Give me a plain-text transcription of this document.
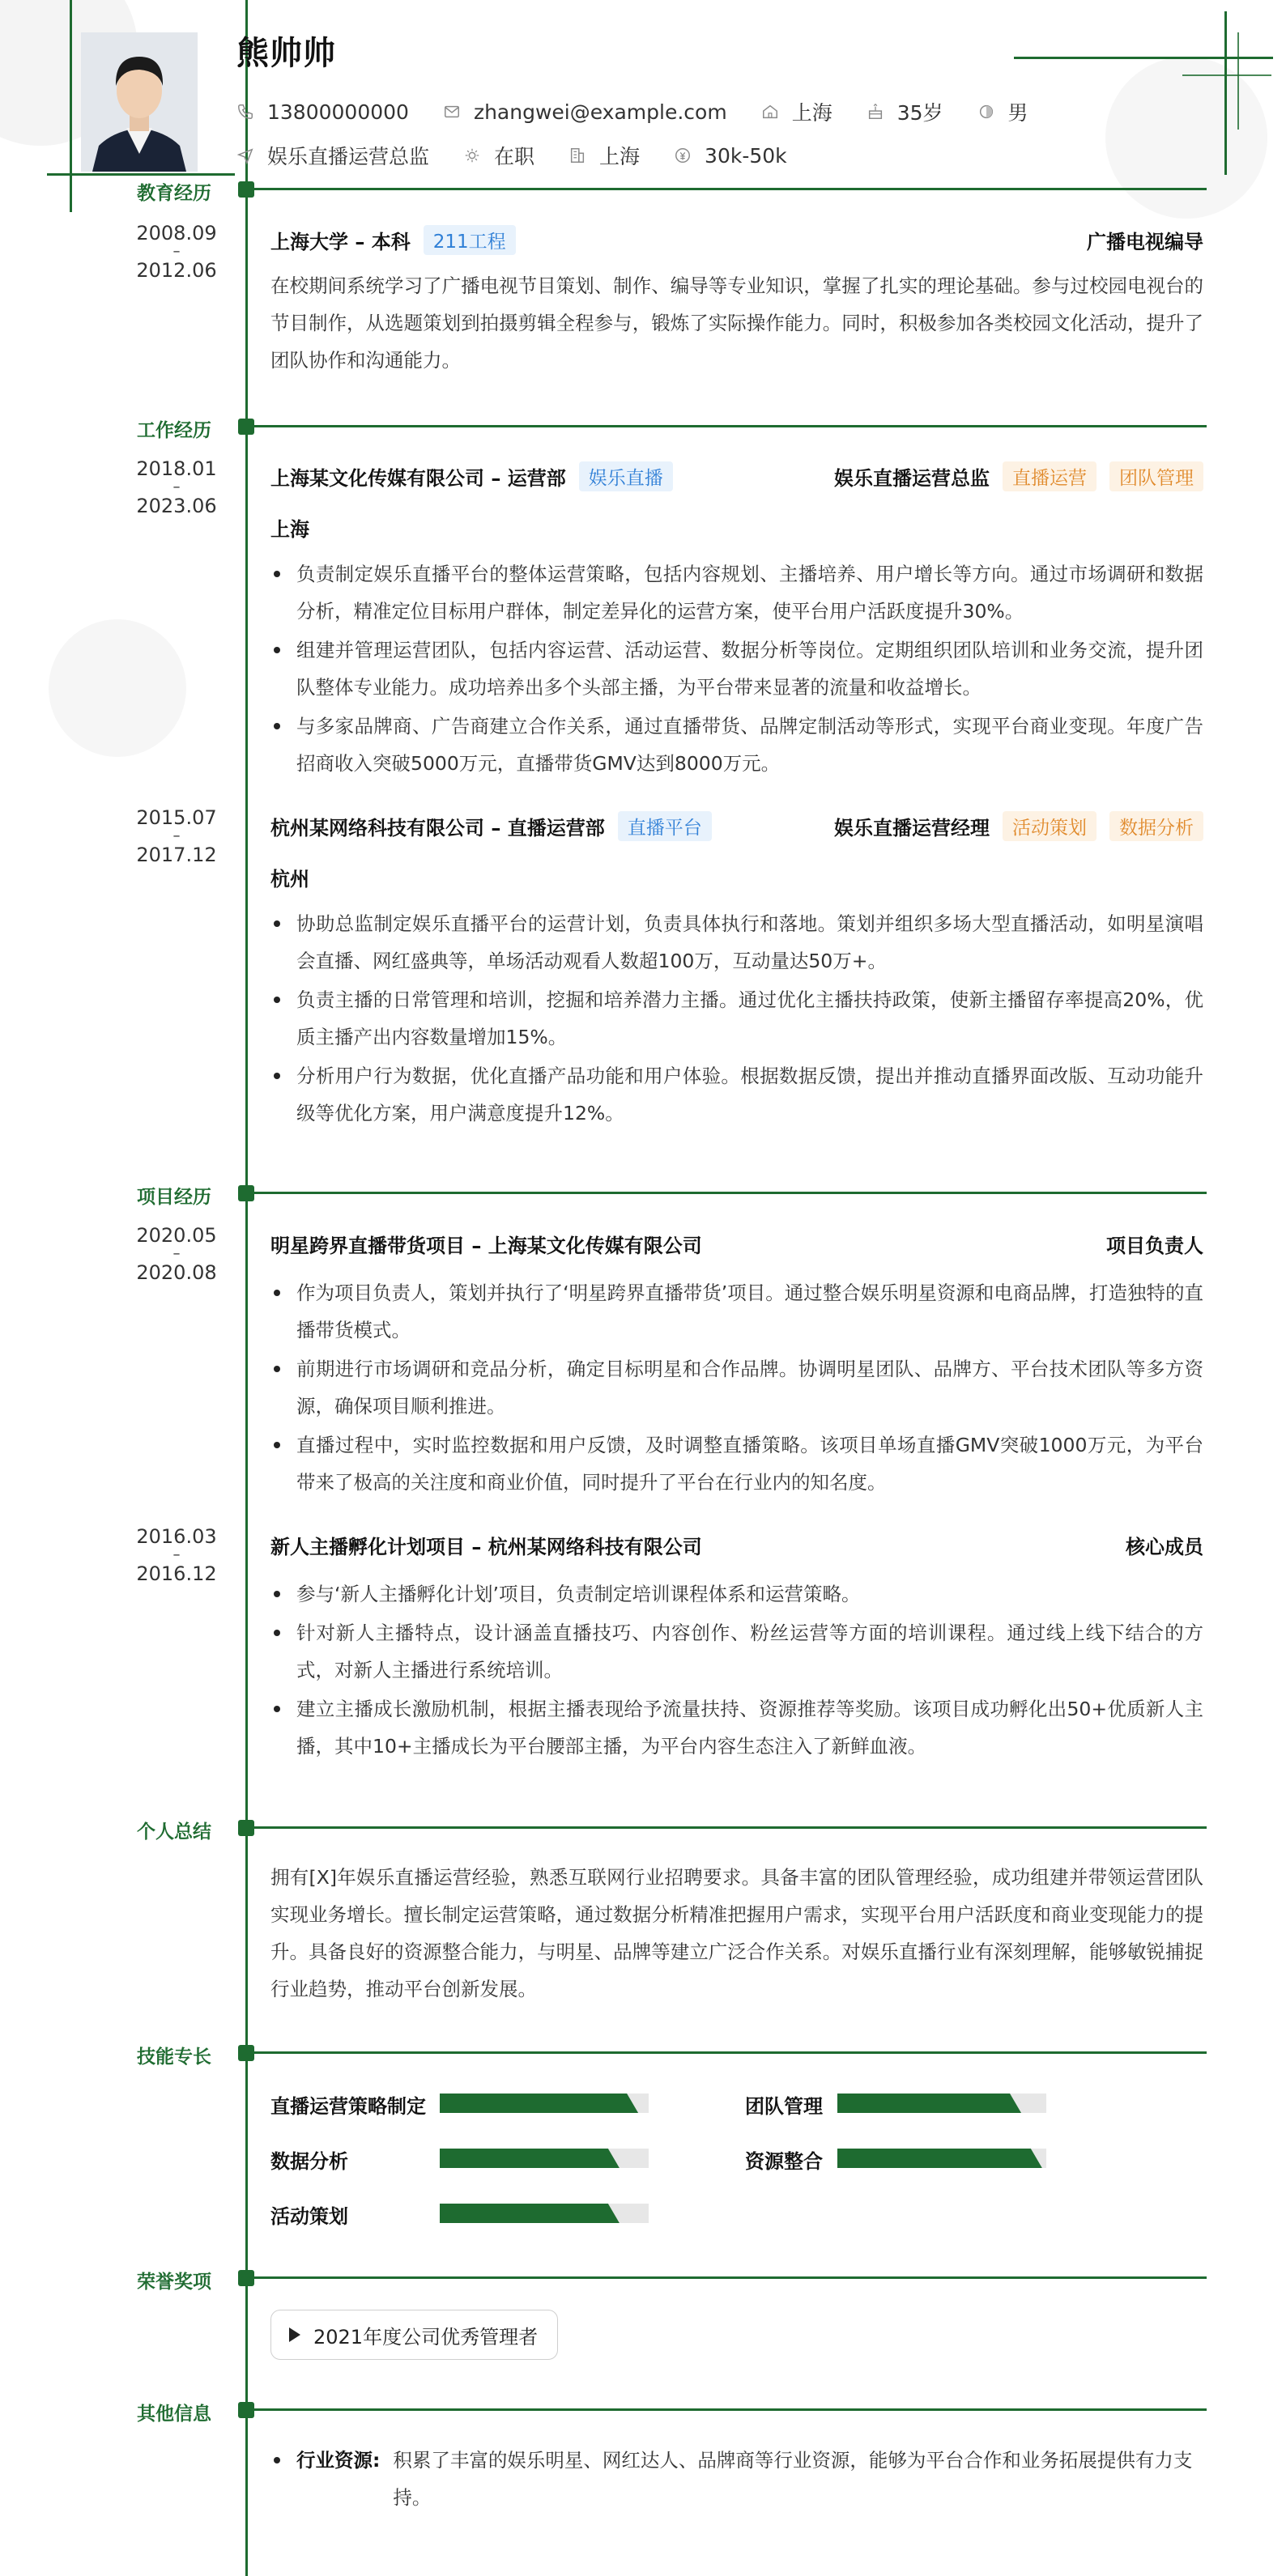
熊帅帅
13800000000	zhangwei@example.com	上海	35岁	男
娱乐直播运营总监	在职	上海	30k-50k
教育经历
2008.09
–
2012.06
上海大学 – 本科	211工程	广播电视编导
在校期间系统学习了广播电视节目策划、制作、编导等专业知识，掌握了扎实的理论基础。参与过校园电视台的节目制作，从选题策划到拍摄剪辑全程参与，锻炼了实际操作能力。同时，积极参加各类校园文化活动，提升了团队协作和沟通能力。
工作经历
2018.01
–
2023.06
上海某文化传媒有限公司 – 运营部	娱乐直播	娱乐直播运营总监	直播运营	团队管理
上海
负责制定娱乐直播平台的整体运营策略，包括内容规划、主播培养、用户增长等方向。通过市场调研和数据分析，精准定位目标用户群体，制定差异化的运营方案，使平台用户活跃度提升30%。
组建并管理运营团队，包括内容运营、活动运营、数据分析等岗位。定期组织团队培训和业务交流，提升团队整体专业能力。成功培养出多个头部主播，为平台带来显著的流量和收益增长。
与多家品牌商、广告商建立合作关系，通过直播带货、品牌定制活动等形式，实现平台商业变现。年度广告招商收入突破5000万元，直播带货GMV达到8000万元。
2015.07
–
2017.12
杭州某网络科技有限公司 – 直播运营部	直播平台	娱乐直播运营经理	活动策划	数据分析
杭州
协助总监制定娱乐直播平台的运营计划，负责具体执行和落地。策划并组织多场大型直播活动，如明星演唱会直播、网红盛典等，单场活动观看人数超100万，互动量达50万+。
负责主播的日常管理和培训，挖掘和培养潜力主播。通过优化主播扶持政策，使新主播留存率提高20%，优质主播产出内容数量增加15%。
分析用户行为数据，优化直播产品功能和用户体验。根据数据反馈，提出并推动直播界面改版、互动功能升级等优化方案，用户满意度提升12%。
项目经历
2020.05
–
2020.08
明星跨界直播带货项目 – 上海某文化传媒有限公司	项目负责人
作为项目负责人，策划并执行了‘明星跨界直播带货’项目。通过整合娱乐明星资源和电商品牌，打造独特的直播带货模式。
前期进行市场调研和竞品分析，确定目标明星和合作品牌。协调明星团队、品牌方、平台技术团队等多方资源，确保项目顺利推进。
直播过程中，实时监控数据和用户反馈，及时调整直播策略。该项目单场直播GMV突破1000万元，为平台带来了极高的关注度和商业价值，同时提升了平台在行业内的知名度。
2016.03
–
2016.12
新人主播孵化计划项目 – 杭州某网络科技有限公司	核心成员
参与‘新人主播孵化计划’项目，负责制定培训课程体系和运营策略。
针对新人主播特点，设计涵盖直播技巧、内容创作、粉丝运营等方面的培训课程。通过线上线下结合的方式，对新人主播进行系统培训。
建立主播成长激励机制，根据主播表现给予流量扶持、资源推荐等奖励。该项目成功孵化出50+优质新人主播，其中10+主播成长为平台腰部主播，为平台内容生态注入了新鲜血液。
个人总结
拥有[X]年娱乐直播运营经验，熟悉互联网行业招聘要求。具备丰富的团队管理经验，成功组建并带领运营团队实现业务增长。擅长制定运营策略，通过数据分析精准把握用户需求，实现平台用户活跃度和商业变现能力的提升。具备良好的资源整合能力，与明星、品牌等建立广泛合作关系。对娱乐直播行业有深刻理解，能够敏锐捕捉行业趋势，推动平台创新发展。
技能专长
直播运营策略制定	团队管理
数据分析	资源整合
活动策划
荣誉奖项
2021年度公司优秀管理者
其他信息
行业资源: 积累了丰富的娱乐明星、网红达人、品牌商等行业资源，能够为平台合作和业务拓展提供有力支持。
